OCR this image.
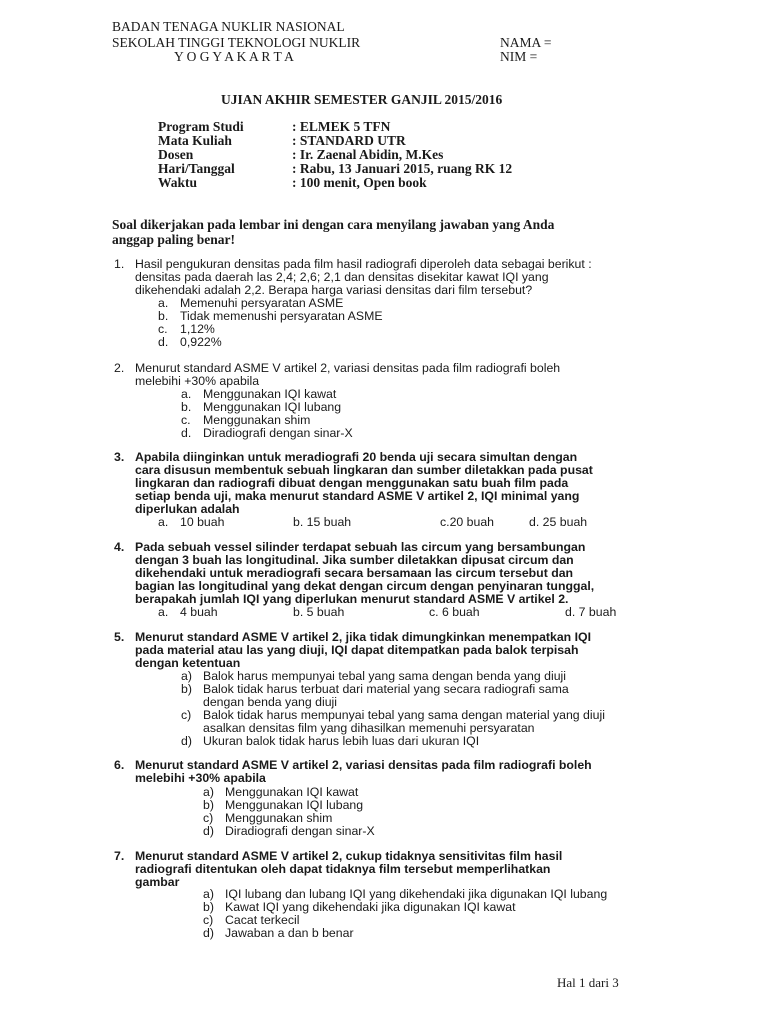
BADAN TENAGA NUKLIR NASIONAL
SEKOLAH TINGGI TEKNOLOGI NUKLIR
Y O G Y A K A R T A
NAMA =
NIM =
UJIAN AKHIR SEMESTER GANJIL 2015/2016
Program Studi	: ELMEK 5 TFN
Mata Kuliah	: STANDARD UTR
Dosen	: Ir. Zaenal Abidin, M.Kes
Hari/Tanggal	: Rabu, 13 Januari 2015, ruang RK 12
Waktu	: 100 menit, Open book
Soal dikerjakan pada lembar ini dengan cara menyilang jawaban yang Anda
anggap paling benar!
1. Hasil pengukuran densitas pada film hasil radiografi diperoleh data sebagai berikut :
densitas pada daerah las 2,4; 2,6; 2,1 dan densitas disekitar kawat IQI yang
dikehendaki adalah 2,2. Berapa harga variasi densitas dari film tersebut?
a. Memenuhi persyaratan ASME
b. Tidak memenushi persyaratan ASME
c. 1,12%
d. 0,922%
2. Menurut standard ASME V artikel 2, variasi densitas pada film radiografi boleh
melebihi +30% apabila
a. Menggunakan IQI kawat
b. Menggunakan IQI lubang
c. Menggunakan shim
d. Diradiografi dengan sinar-X
3. Apabila diinginkan untuk meradiografi 20 benda uji secara simultan dengan
cara disusun membentuk sebuah lingkaran dan sumber diletakkan pada pusat
lingkaran dan radiografi dibuat dengan menggunakan satu buah film pada
setiap benda uji, maka menurut standard ASME V artikel 2, IQI minimal yang
diperlukan adalah
a. 10 buah	b. 15 buah	c.20 buah	d. 25 buah
4. Pada sebuah vessel silinder terdapat sebuah las circum yang bersambungan
dengan 3 buah las longitudinal. Jika sumber diletakkan dipusat circum dan
dikehendaki untuk meradiografi secara bersamaan las circum tersebut dan
bagian las longitudinal yang dekat dengan circum dengan penyinaran tunggal,
berapakah jumlah IQI yang diperlukan menurut standard ASME V artikel 2.
a. 4 buah	b. 5 buah	c. 6 buah	d. 7 buah
5. Menurut standard ASME V artikel 2, jika tidak dimungkinkan menempatkan IQI
pada material atau las yang diuji, IQI dapat ditempatkan pada balok terpisah
dengan ketentuan
a) Balok harus mempunyai tebal yang sama dengan benda yang diuji
b) Balok tidak harus terbuat dari material yang secara radiografi sama
dengan benda yang diuji
c) Balok tidak harus mempunyai tebal yang sama dengan material yang diuji
asalkan densitas film yang dihasilkan memenuhi persyaratan
d) Ukuran balok tidak harus lebih luas dari ukuran IQI
6. Menurut standard ASME V artikel 2, variasi densitas pada film radiografi boleh
melebihi +30% apabila
a) Menggunakan IQI kawat
b) Menggunakan IQI lubang
c) Menggunakan shim
d) Diradiografi dengan sinar-X
7. Menurut standard ASME V artikel 2, cukup tidaknya sensitivitas film hasil
radiografi ditentukan oleh dapat tidaknya film tersebut memperlihatkan
gambar
a) IQI lubang dan lubang IQI yang dikehendaki jika digunakan IQI lubang
b) Kawat IQI yang dikehendaki jika digunakan IQI kawat
c) Cacat terkecil
d) Jawaban a dan b benar
Hal 1 dari 3
